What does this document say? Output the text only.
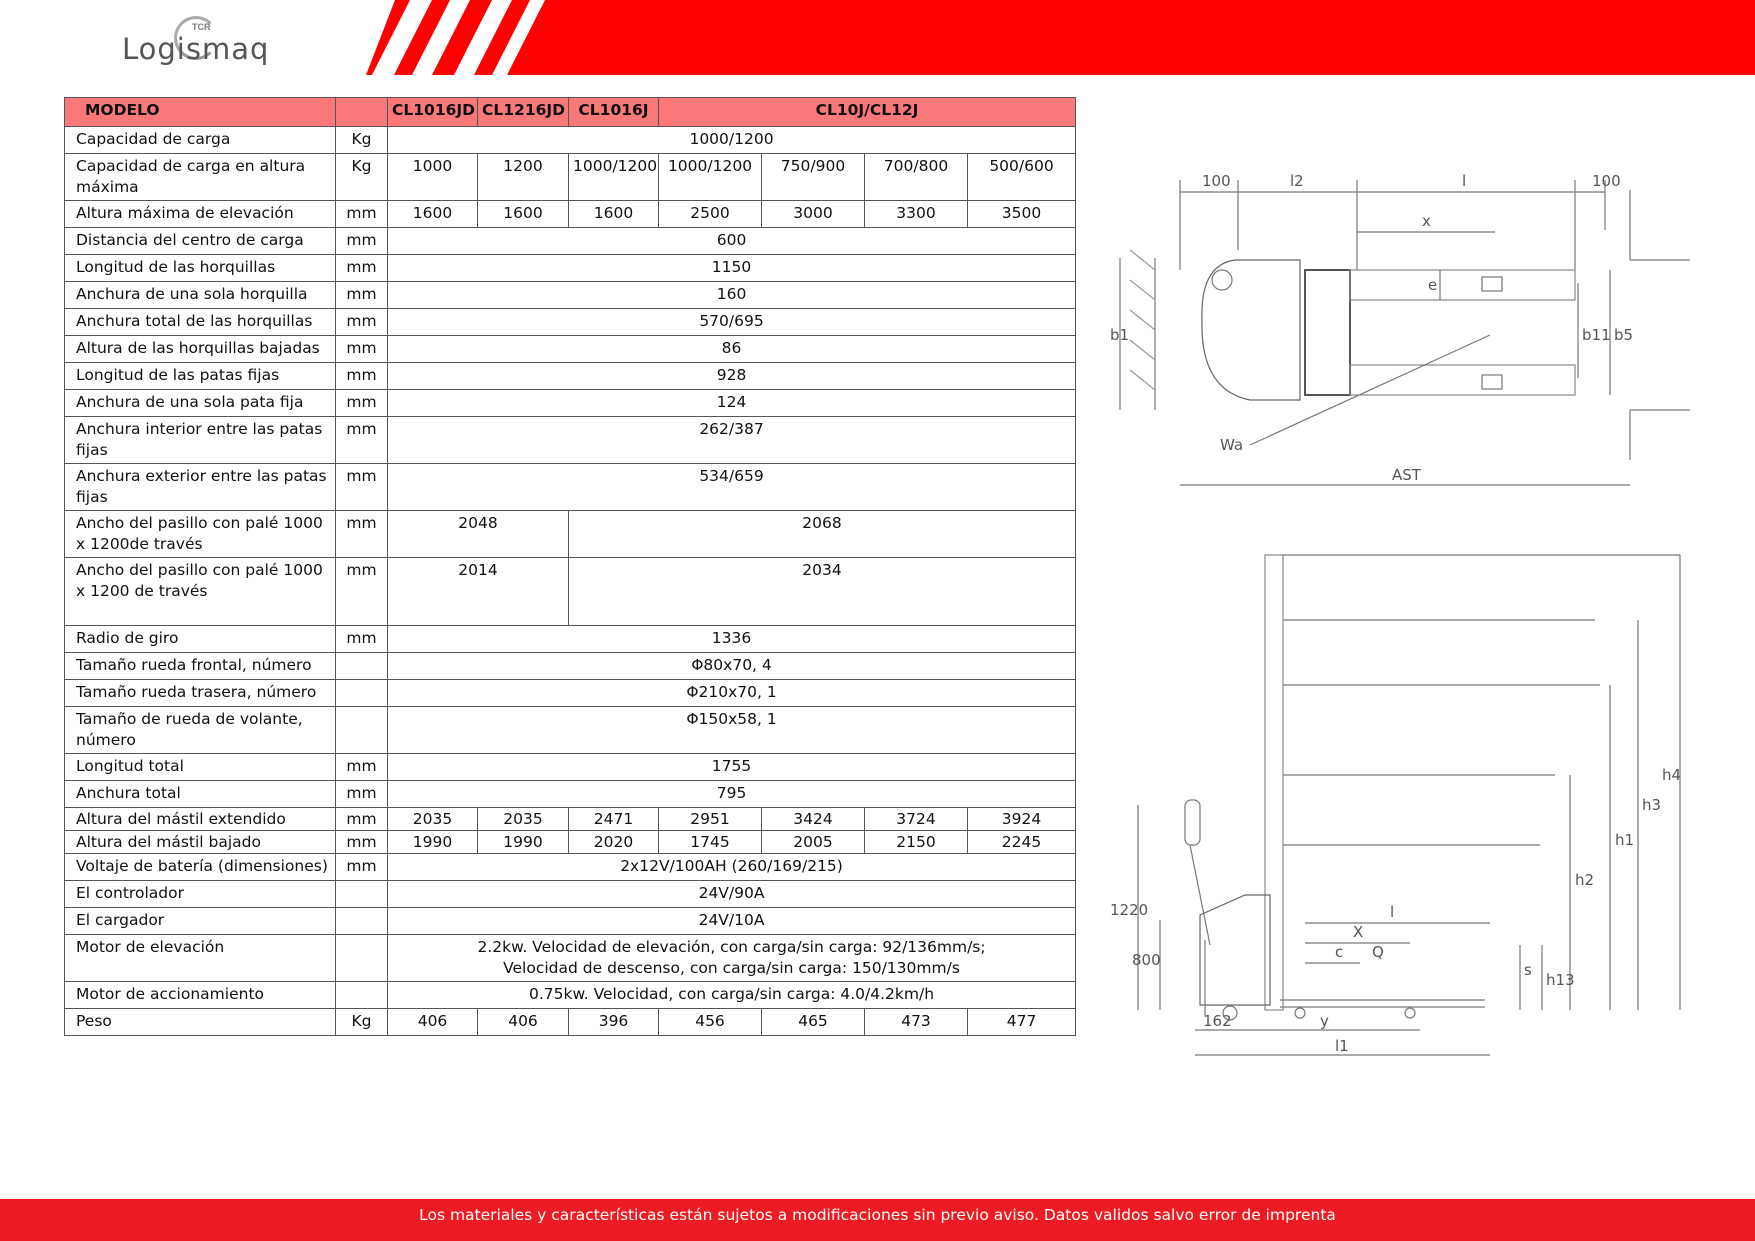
TCR
Logismaq
MODELO		CL1016JD	CL1216JD	CL1016J	CL10J/CL12J			
Capacidad de carga	Kg	1000/1200						

Capacidad de carga en altura máxima	Kg	1000	1200	1000/1200	1000/1200	750/900	700/800	500/600
Altura máxima de elevación	mm	1600	1600	1600	2500	3000	3300	3500
Distancia del centro de carga	mm	600						

Longitud de las horquillas	mm	1150						

Anchura de una sola horquilla	mm	160						

Anchura total de las horquillas	mm	570/695						

Altura de las horquillas bajadas	mm	86						

Longitud de las patas fijas	mm	928						

Anchura de una sola pata fija	mm	124						

Anchura interior entre las patas fijas	mm	262/387						

Anchura exterior entre las patas fijas	mm	534/659						

Ancho del pasillo con palé 1000 x 1200de través	mm	2048		2068				
Ancho del pasillo con palé 1000 x 1200 de través	mm	2014		2034				
Radio de giro	mm	1336						

Tamaño rueda frontal, número		Φ80x70, 4						

Tamaño rueda trasera, número		Φ210x70, 1						

Tamaño de rueda de volante, número		Φ150x58, 1						

Longitud total	mm	1755						

Anchura total	mm	795						

Altura del mástil extendido	mm	2035	2035	2471	2951	3424	3724	3924
Altura del mástil bajado	mm	1990	1990	2020	1745	2005	2150	2245
Voltaje de batería (dimensiones)	mm	2x12V/100AH (260/169/215)						

El controlador		24V/90A						

El cargador		24V/10A						

Motor de elevación		2.2kw. Velocidad de elevación, con carga/sin carga: 92/136mm/s;
Velocidad de descenso, con carga/sin carga: 150/130mm/s						

Motor de accionamiento		0.75kw. Velocidad, con carga/sin carga: 4.0/4.2km/h						

Peso	Kg	406	406	396	456	465	473	477
100	l2	l	100
x
e
b1	b11 b5
Wa
AST
1220
800
l
X
c Q
s
h13
162	y
l1
h2
h1
h3
h4
Los materiales y características están sujetos a modificaciones sin previo aviso. Datos validos salvo error de imprenta
